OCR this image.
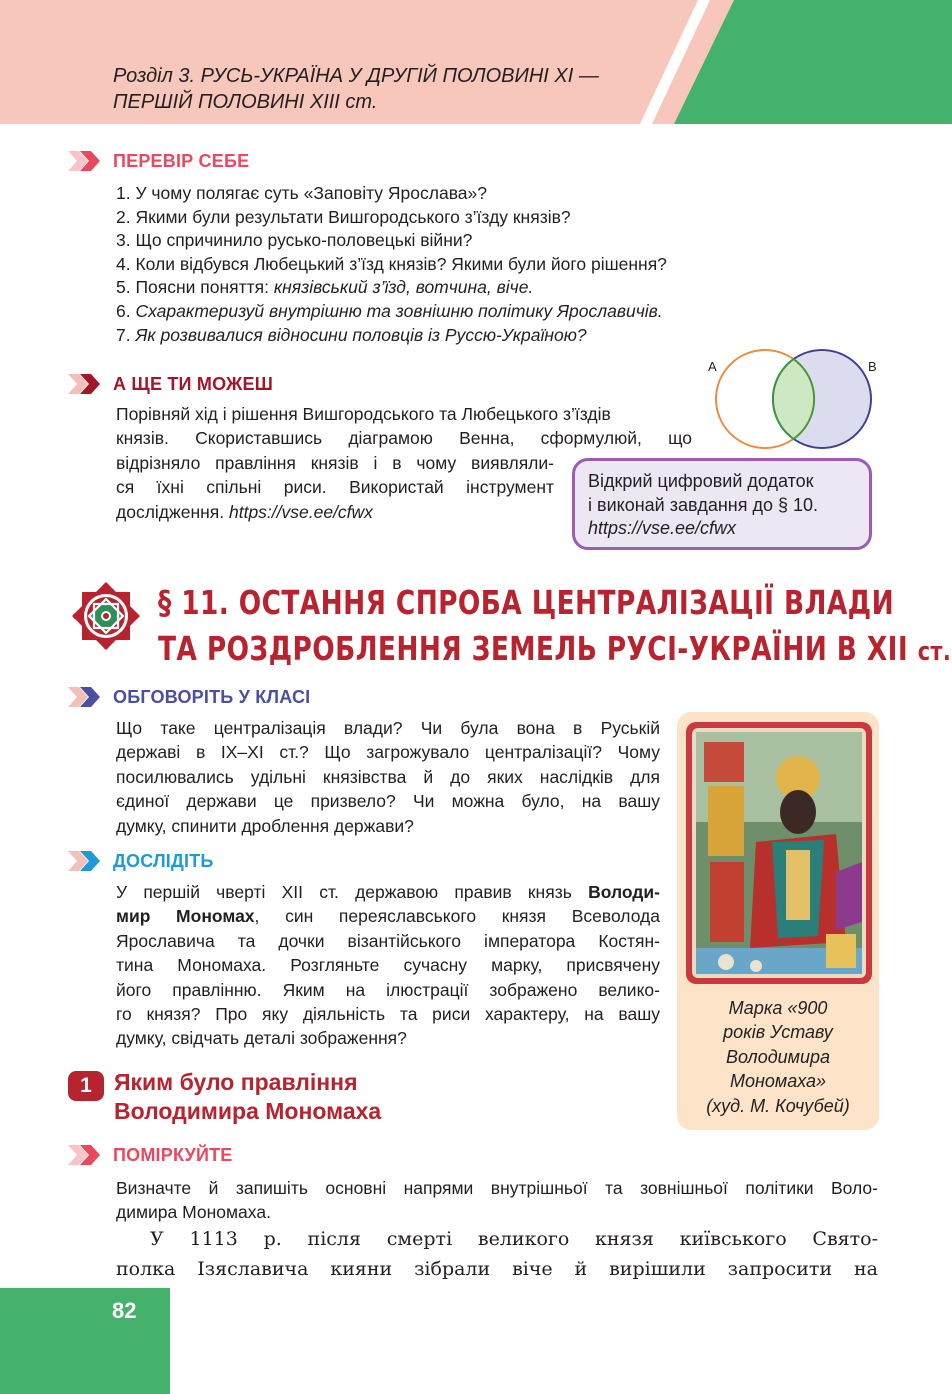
Розділ 3. РУСЬ-УКРАЇНА У ДРУГІЙ ПОЛОВИНІ ХІ —
ПЕРШІЙ ПОЛОВИНІ ХІІІ ст.
ПЕРЕВІР СЕБЕ
1. У чому полягає суть «Заповіту Ярослава»?
2. Якими були результати Вишгородського з’їзду князів?
3. Що спричинило русько-половецькі війни?
4. Коли відбувся Любецький з’їзд князів? Якими були його рішення?
5. Поясни поняття: князівський з’їзд, вотчина, віче.
6. Схарактеризуй внутрішню та зовнішню політику Ярославичів.
7. Як розвивалися відносини половців із Руссю-Україною?
A	B
А ЩЕ ТИ МОЖЕШ
Порівняй хід і рішення Вишгородського та Любецького з’їздів
князів. Скориставшись діаграмою Венна, сформулюй, що
відрізняло правління князів і в чому виявляли-
ся їхні спільні риси. Використай інструмент
дослідження. https://vse.ee/cfwx
Відкрий цифровий додаток
і виконай завдання до § 10.
https://vse.ee/cfwx
§ 11. ОСТАННЯ СПРОБА ЦЕНТРАЛІЗАЦІЇ ВЛАДИ
ТА РОЗДРОБЛЕННЯ ЗЕМЕЛЬ РУСІ-УКРАЇНИ В ХІІ ст.
ОБГОВОРІТЬ У КЛАСІ
Що таке централізація влади? Чи була вона в Руській
державі в IX–XI ст.? Що загрожувало централізації? Чому
посилювались удільні князівства й до яких наслідків для
єдиної держави це призвело? Чи можна було, на вашу
думку, спинити дроблення держави?
ДОСЛІДІТЬ
У першій чверті XII ст. державою правив князь Володи-
мир Мономах, син переяславського князя Всеволода
Ярославича та дочки візантійського імператора Костян-
тина Мономаха. Розгляньте сучасну марку, присвячену
його правлінню. Яким на ілюстрації зображено велико-
го князя? Про яку діяльність та риси характеру, на вашу
думку, свідчать деталі зображення?
Марка «900
років Уставу
Володимира
Мономаха»
(худ. М. Кочубей)
1 Яким було правління
Володимира Мономаха
ПОМІРКУЙТЕ
Визначте й запишіть основні напрями внутрішньої та зовнішньої політики Воло-
димира Мономаха.
У 1113 р. після смерті великого князя київського Свято-
полка Ізяславича кияни зібрали віче й вирішили запросити на
82
